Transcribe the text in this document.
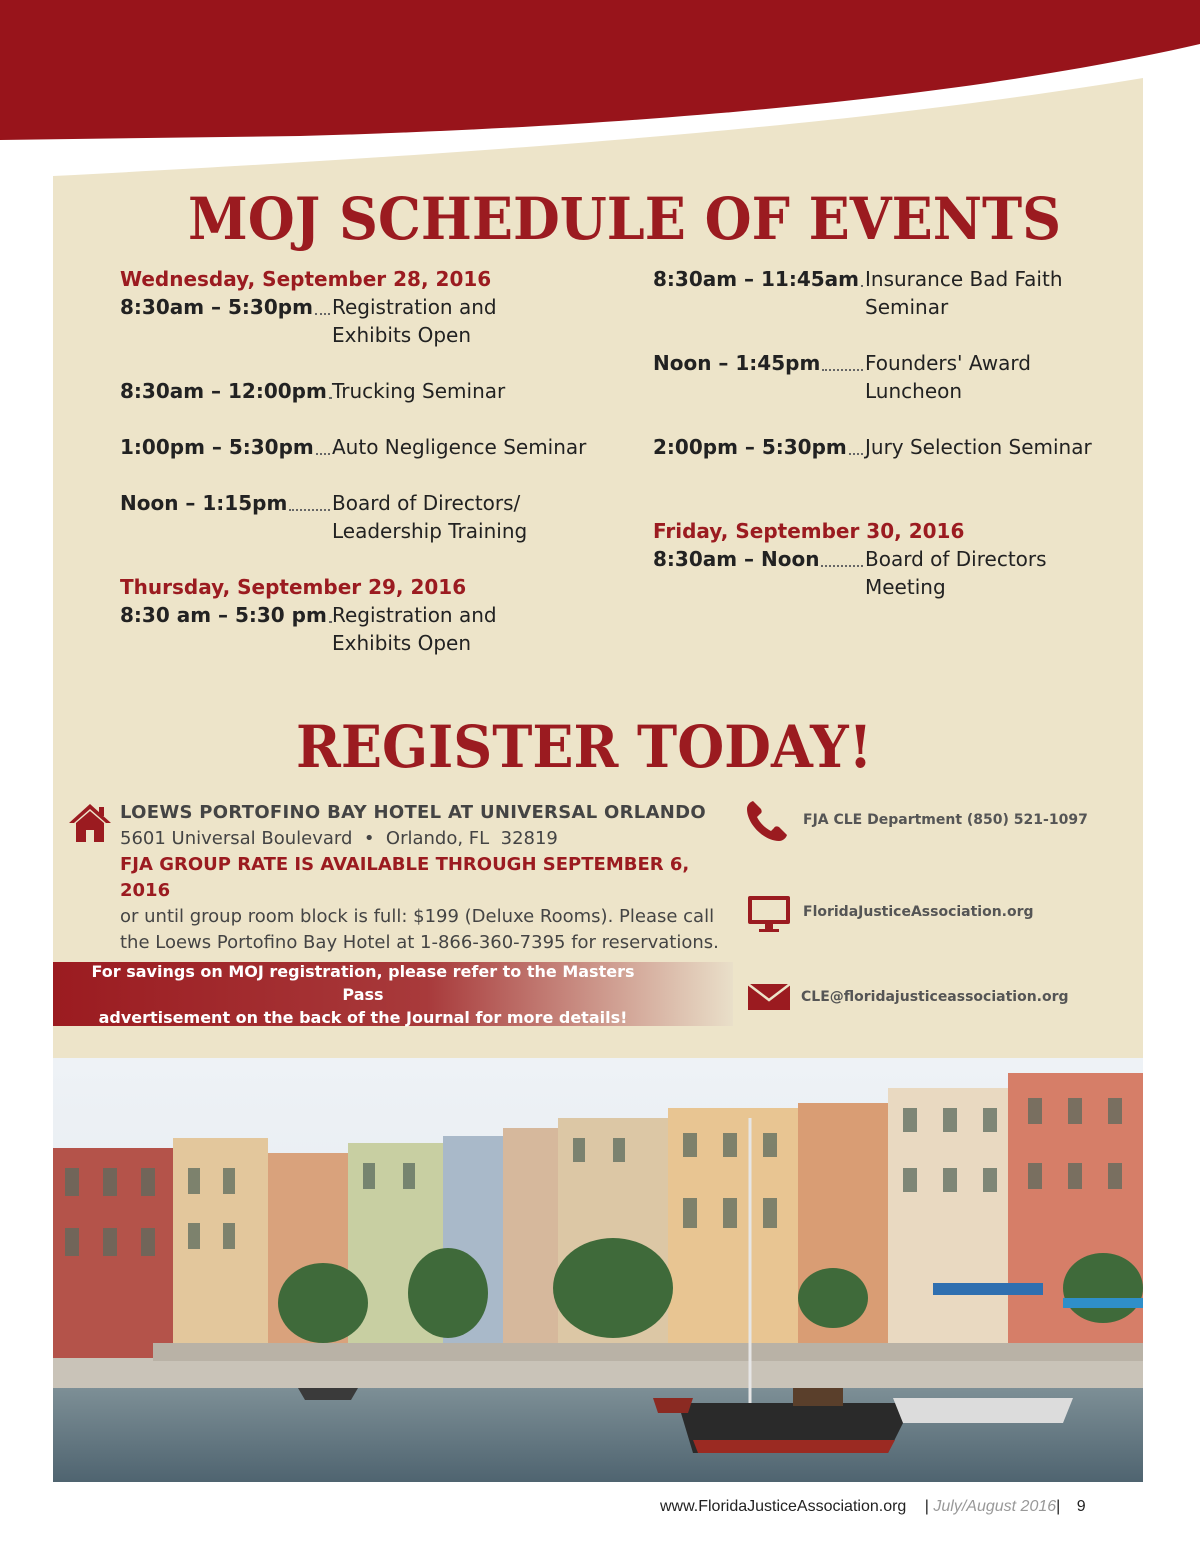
MOJ SCHEDULE OF EVENTS
Wednesday, September 28, 2016
8:30am – 5:30pm Registration and
Exhibits Open
8:30am – 12:00pm Trucking Seminar
1:00pm – 5:30pm Auto Negligence Seminar
Noon – 1:15pm Board of Directors/
Leadership Training
Thursday, September 29, 2016
8:30 am – 5:30 pm Registration and
Exhibits Open
8:30am – 11:45am Insurance Bad Faith
Seminar
Noon – 1:45pm Founders' Award
Luncheon
2:00pm – 5:30pm Jury Selection Seminar
Friday, September 30, 2016
8:30am – Noon Board of Directors
Meeting
REGISTER TODAY!
LOEWS PORTOFINO BAY HOTEL AT UNIVERSAL ORLANDO
5601 Universal Boulevard  •  Orlando, FL  32819
FJA GROUP RATE IS AVAILABLE THROUGH SEPTEMBER 6, 2016
or until group room block is full: $199 (Deluxe Rooms). Please call
the Loews Portofino Bay Hotel at 1-866-360-7395 for reservations.
For savings on MOJ registration, please refer to the Masters Pass
advertisement on the back of the Journal for more details!
FJA CLE Department (850) 521-1097
FloridaJusticeAssociation.org
CLE@floridajusticeassociation.org
www.FloridaJusticeAssociation.org | July/August 2016| 9
